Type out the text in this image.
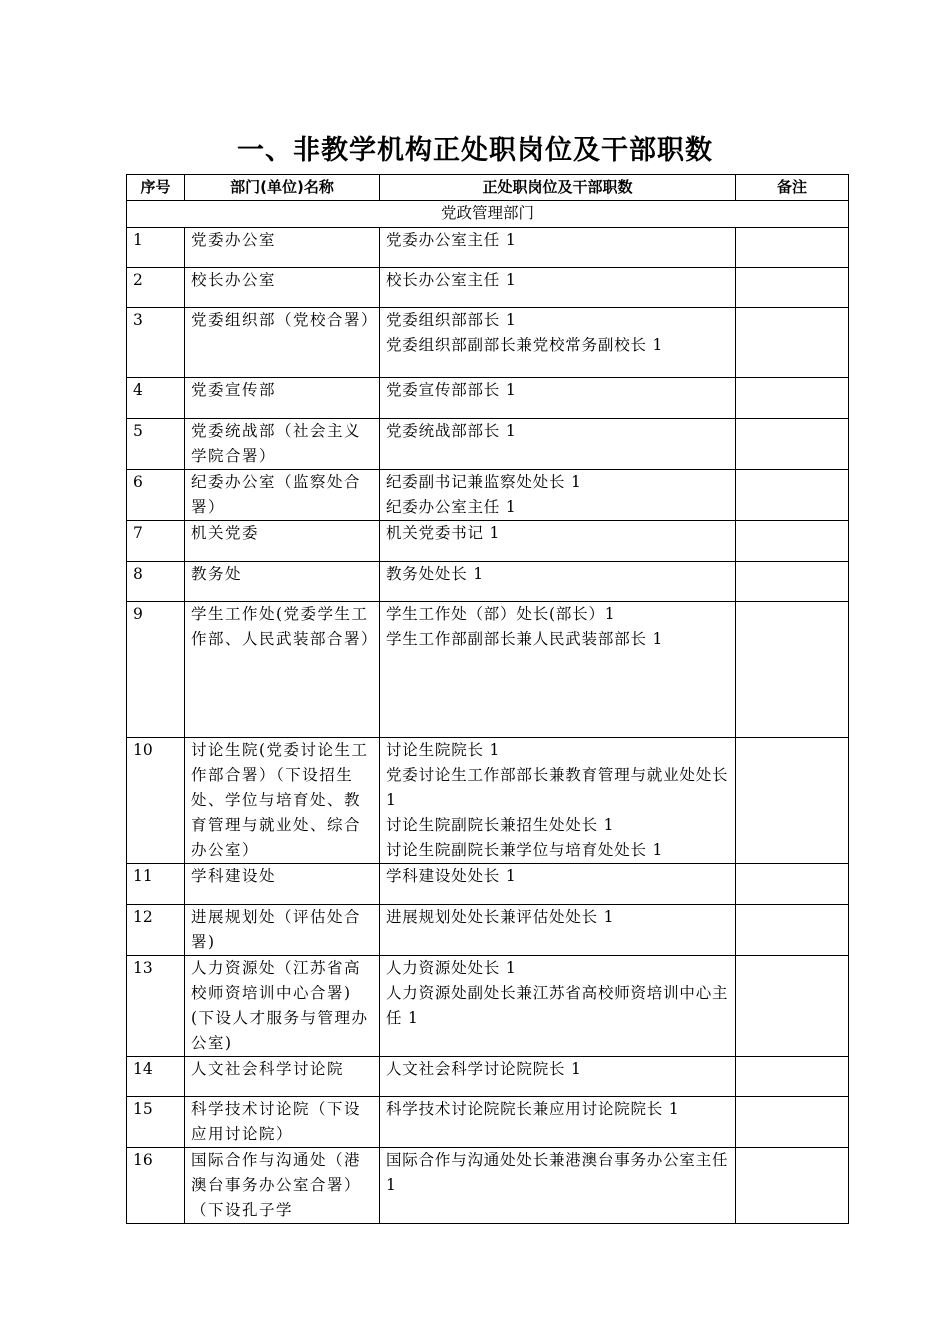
一、非教学机构正处职岗位及干部职数
序号	部门(单位)名称	正处职岗位及干部职数	备注
党政管理部门			
1	党委办公室	党委办公室主任 1	

2	校长办公室	校长办公室主任 1	

3	党委组织部（党校合署）	党委组织部部长 1
党委组织部副部长兼党校常务副校长 1	

4	党委宣传部	党委宣传部部长 1	

5	党委统战部（社会主义学院合署）	党委统战部部长 1	

6	纪委办公室（监察处合署）	纪委副书记兼监察处处长 1
纪委办公室主任 1	

7	机关党委	机关党委书记 1	

8	教务处	教务处处长 1	

9	学生工作处(党委学生工作部、人民武装部合署）	学生工作处（部）处长(部长）1
学生工作部副部长兼人民武装部部长 1	

10	讨论生院(党委讨论生工作部合署）（下设招生处、学位与培育处、教育管理与就业处、综合办公室）	讨论生院院长 1
党委讨论生工作部部长兼教育管理与就业处处长 1
讨论生院副院长兼招生处处长 1
讨论生院副院长兼学位与培育处处长 1	

11	学科建设处	学科建设处处长 1	

12	进展规划处（评估处合署)	进展规划处处长兼评估处处长 1	

13	人力资源处（江苏省高校师资培训中心合署)(下设人才服务与管理办公室)	人力资源处处长 1
人力资源处副处长兼江苏省高校师资培训中心主任 1	

14	人文社会科学讨论院	人文社会科学讨论院院长 1	

15	科学技术讨论院（下设应用讨论院）	科学技术讨论院院长兼应用讨论院院长 1	

16	国际合作与沟通处（港澳台事务办公室合署）（下设孔子学	国际合作与沟通处处长兼港澳台事务办公室主任 1	
